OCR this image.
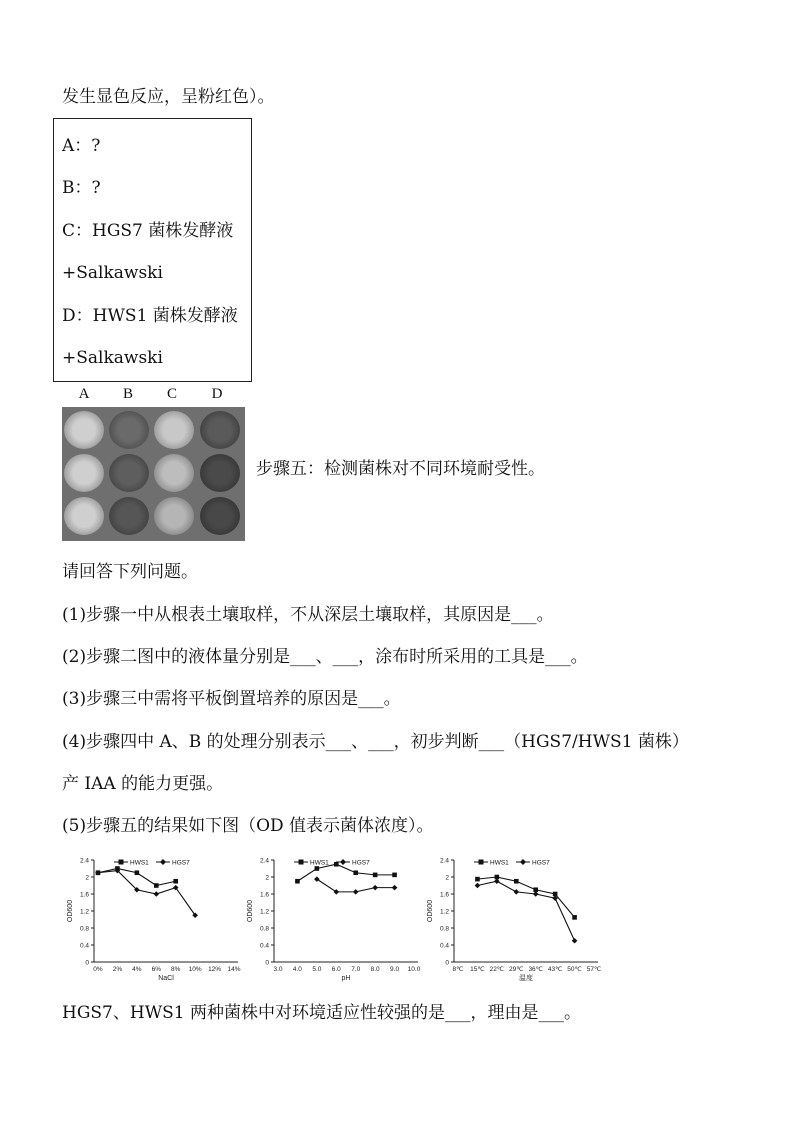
发生显色反应，呈粉红色）。
A：?
B：?
C：HGS7 菌株发酵液
+Salkawski
D：HWS1 菌株发酵液
+Salkawski
A	B	C	D
步骤五：检测菌株对不同环境耐受性。
请回答下列问题。
(1)步骤一中从根表土壤取样，不从深层土壤取样，其原因是___。
(2)步骤二图中的液体量分别是___、___，涂布时所采用的工具是___。
(3)步骤三中需将平板倒置培养的原因是___。
(4)步骤四中 A、B 的处理分别表示___、___，初步判断___（HGS7/HWS1 菌株）
产 IAA 的能力更强。
(5)步骤五的结果如下图（OD 值表示菌体浓度）。
0
0.4
0.8
1.2
1.6
2
2.4
0% 2% 4% 6% 8% 10% 12% 14%
OD600
NaCl
HWS1	HGS7
0
0.4
0.8
1.2
1.6
2
2.4
3.0 4.0 5.0 6.0 7.0 8.0 9.0 10.0
OD600
pH
HWS1	HGS7
0
0.4
0.8
1.2
1.6
2
2.4
8℃ 15℃ 22℃ 29℃ 36℃ 43℃ 50℃ 57℃
OD600
温度
HWS1	HGS7
HGS7、HWS1 两种菌株中对环境适应性较强的是___，理由是___。
